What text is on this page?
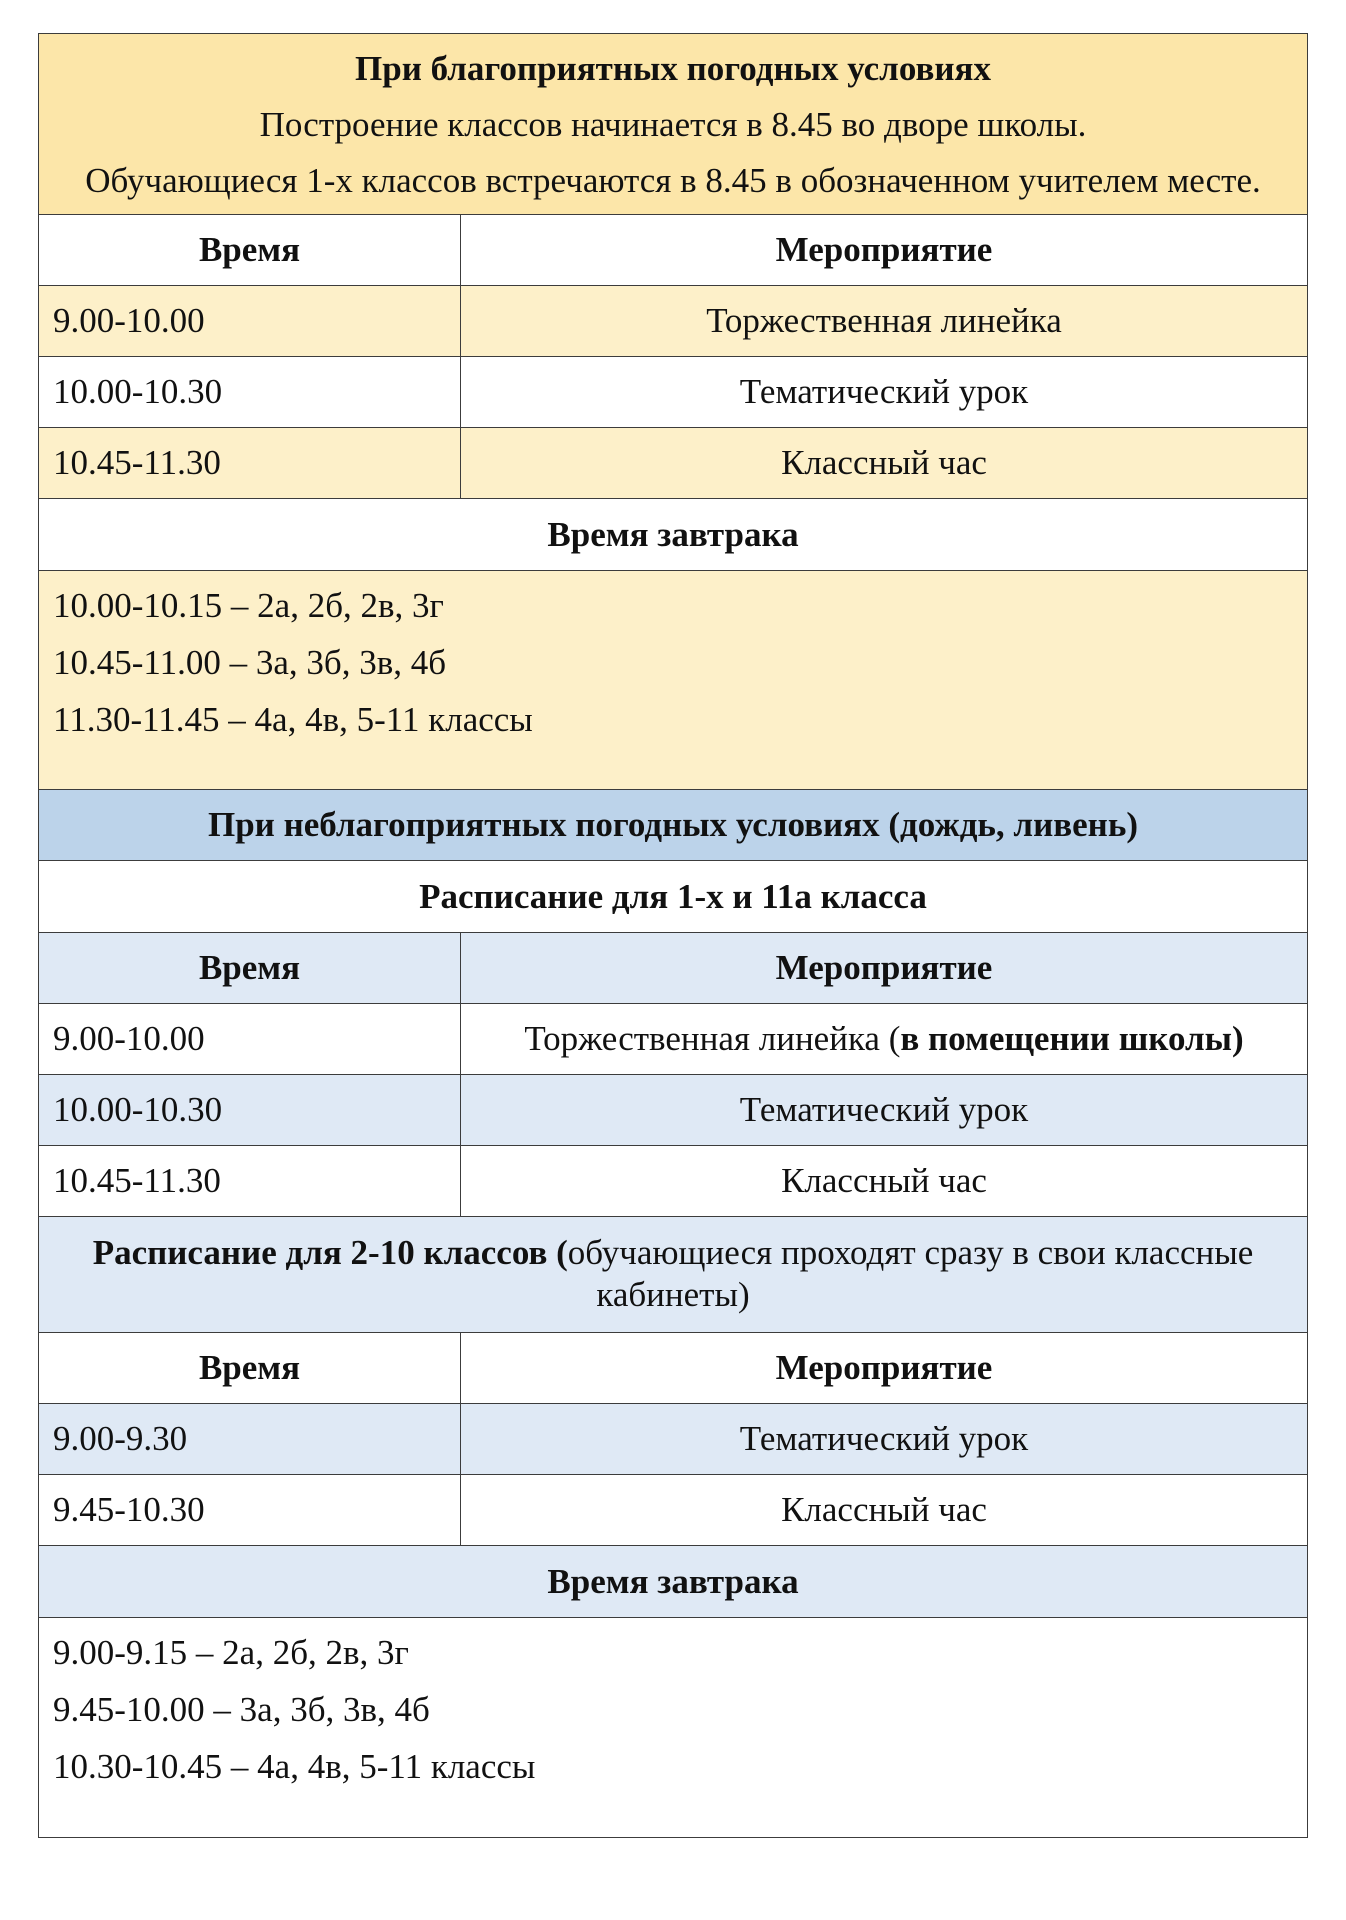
При благоприятных погодных условиях

Построение классов начинается в 8.45 во дворе школы.

Обучающиеся 1-х классов встречаются в 8.45 в обозначенном учителем месте.	

Время	Мероприятие
9.00-10.00	Торжественная линейка
10.00-10.30	Тематический урок
10.45-11.30	Классный час
Время завтрака	

10.00-10.15 – 2а, 2б, 2в, 3г

10.45-11.00 – 3а, 3б, 3в, 4б

11.30-11.45 – 4а, 4в, 5-11 классы	

При неблагоприятных погодных условиях (дождь, ливень)	
Расписание для 1-х и 11а класса	
Время	Мероприятие
9.00-10.00	Торжественная линейка (в помещении школы)
10.00-10.30	Тематический урок
10.45-11.30	Классный час
Расписание для 2-10 классов (обучающиеся проходят сразу в свои классные кабинеты)	
Время	Мероприятие
9.00-9.30	Тематический урок
9.45-10.30	Классный час
Время завтрака	

9.00-9.15 – 2а, 2б, 2в, 3г

9.45-10.00 – 3а, 3б, 3в, 4б

10.30-10.45 – 4а, 4в, 5-11 классы	
